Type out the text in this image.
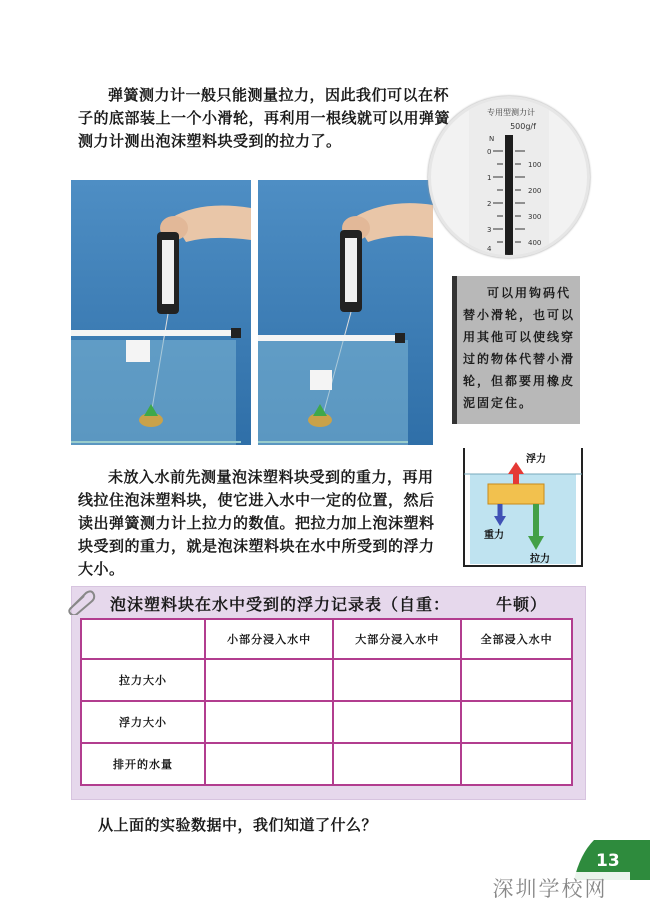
弹簧测力计一般只能测量拉力，因此我们可以在杯子的底部装上一个小滑轮，再利用一根线就可以用弹簧测力计测出泡沫塑料块受到的拉力了。

专用型测力计
500g/f
N
0
1
2
3
4
100
200
300
400
可以用钩码代替小滑轮，也可以用其他可以使线穿过的物体代替小滑轮，但都要用橡皮泥固定住。

未放入水前先测量泡沫塑料块受到的重力，再用线拉住泡沫塑料块，使它进入水中一定的位置，然后读出弹簧测力计上拉力的数值。把拉力加上泡沫塑料块受到的重力，就是泡沫塑料块在水中所受到的浮力大小。

浮力
重力
拉力
泡沫塑料块在水中受到的浮力记录表（自重：	牛顿）
	小部分浸入水中	大部分浸入水中	全部浸入水中
拉力大小			
浮力大小			
排开的水量			
从上面的实验数据中，我们知道了什么？
13
深圳学校网
